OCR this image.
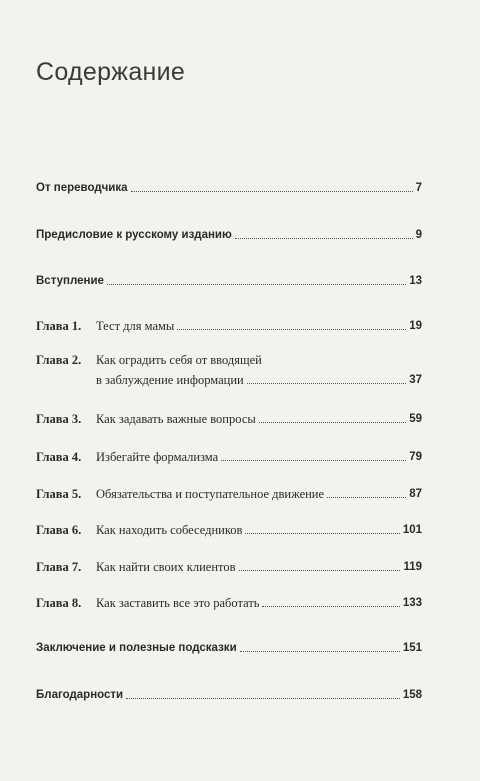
Содержание
От переводчика	7
Предисловие к русскому изданию	9
Вступление	13
Глава 1.	Тест для мамы	19
Глава 2.	Как оградить себя от вводящей
в заблуждение информации	37
Глава 3.	Как задавать важные вопросы	59
Глава 4.	Избегайте формализма	79
Глава 5.	Обязательства и поступательное движение	87
Глава 6.	Как находить собеседников	101
Глава 7.	Как найти своих клиентов	119
Глава 8.	Как заставить все это работать	133
Заключение и полезные подсказки	151
Благодарности	158
